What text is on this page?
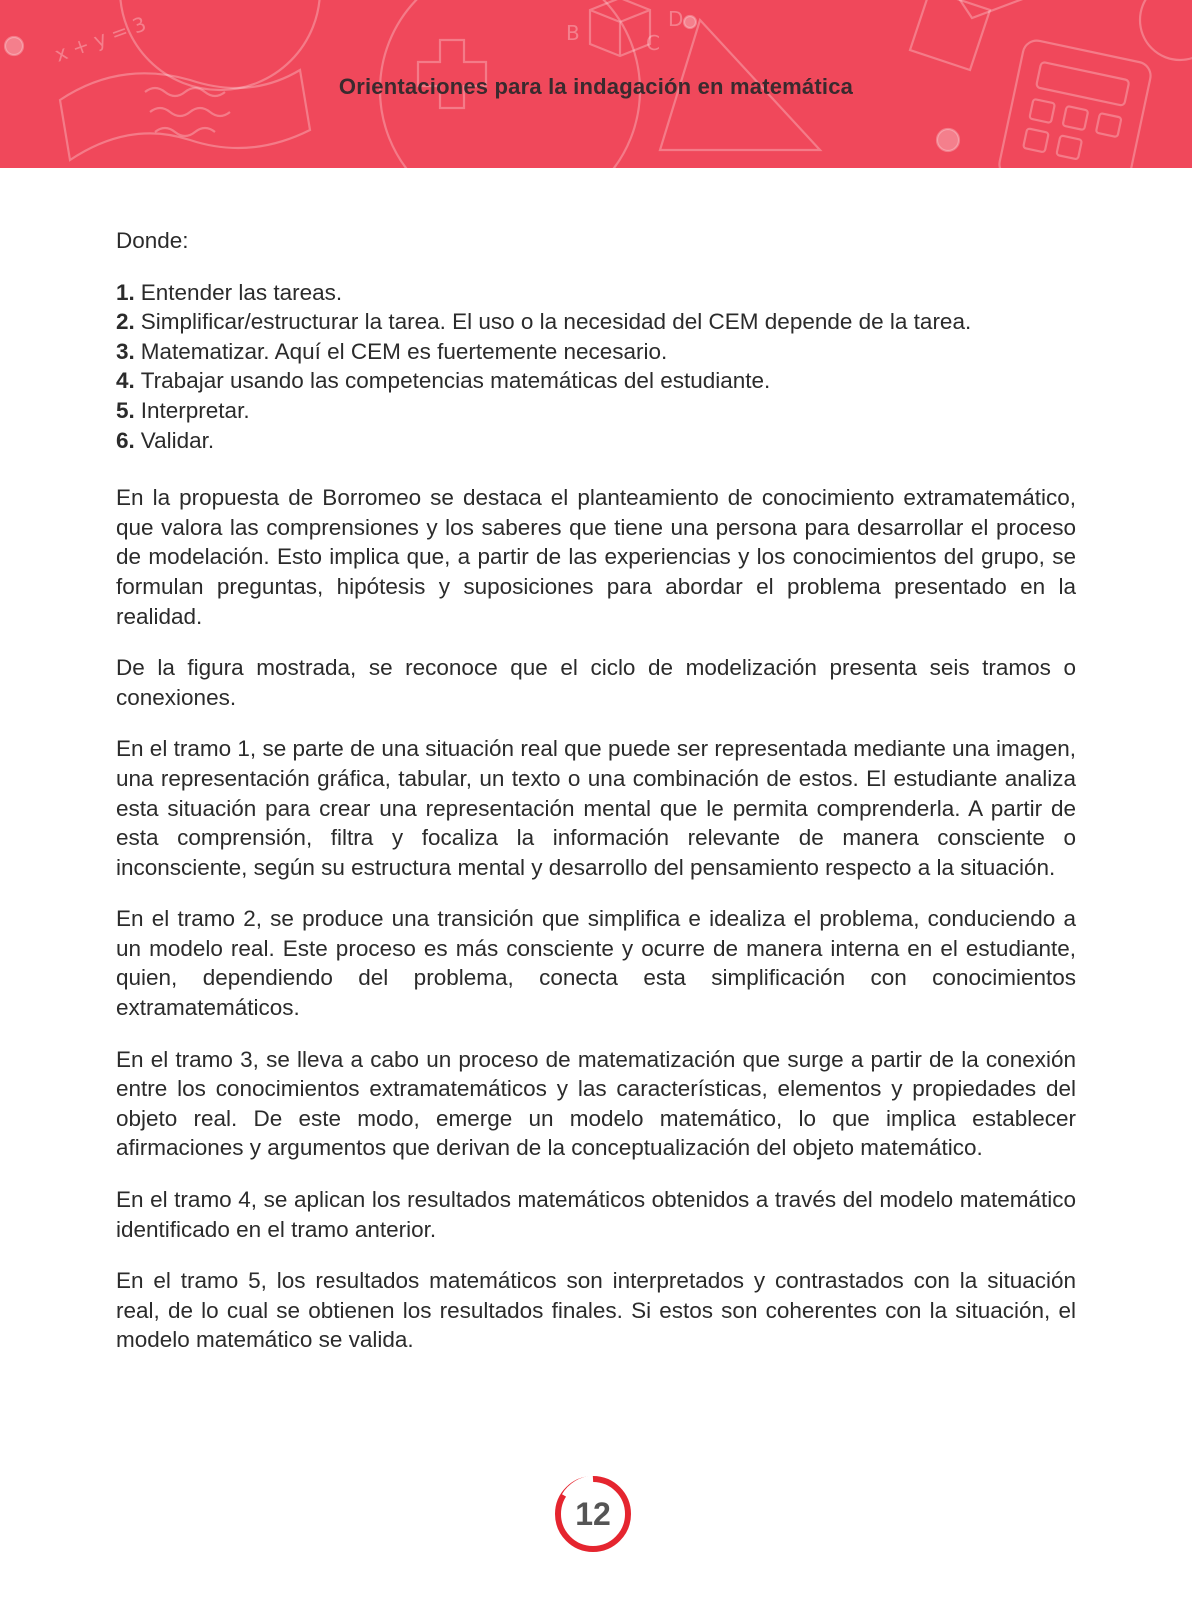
x + y = 3	B	C
D
Orientaciones para la indagación en matemática

Donde:

1. Entender las tareas.
2. Simplificar/estructurar la tarea. El uso o la necesidad del CEM depende de la tarea.
3. Matematizar. Aquí el CEM es fuertemente necesario.
4. Trabajar usando las competencias matemáticas del estudiante.
5. Interpretar.
6. Validar.

En la propuesta de Borromeo se destaca el planteamiento de conocimiento extramatemático, que valora las comprensiones y los saberes que tiene una persona para desarrollar el proceso de modelación. Esto implica que, a partir de las experiencias y los conocimientos del grupo, se formulan preguntas, hipótesis y suposiciones para abordar el problema presentado en la realidad.

De la figura mostrada, se reconoce que el ciclo de modelización presenta seis tramos o conexiones.

En el tramo 1, se parte de una situación real que puede ser representada mediante una imagen, una representación gráfica, tabular, un texto o una combinación de estos. El estudiante analiza esta situación para crear una representación mental que le permita comprenderla. A partir de esta comprensión, filtra y focaliza la información relevante de manera consciente o inconsciente, según su estructura mental y desarrollo del pensamiento respecto a la situación.

En el tramo 2, se produce una transición que simplifica e idealiza el problema, conduciendo a un modelo real. Este proceso es más consciente y ocurre de manera interna en el estudiante, quien, dependiendo del problema, conecta esta simplificación con conocimientos extramatemáticos.

En el tramo 3, se lleva a cabo un proceso de matematización que surge a partir de la conexión entre los conocimientos extramatemáticos y las características, elementos y propiedades del objeto real. De este modo, emerge un modelo matemático, lo que implica establecer afirmaciones y argumentos que derivan de la conceptualización del objeto matemático.

En el tramo 4, se aplican los resultados matemáticos obtenidos a través del modelo matemático identificado en el tramo anterior.

En el tramo 5, los resultados matemáticos son interpretados y contrastados con la situación real, de lo cual se obtienen los resultados finales. Si estos son coherentes con la situación, el modelo matemático se valida.

12
